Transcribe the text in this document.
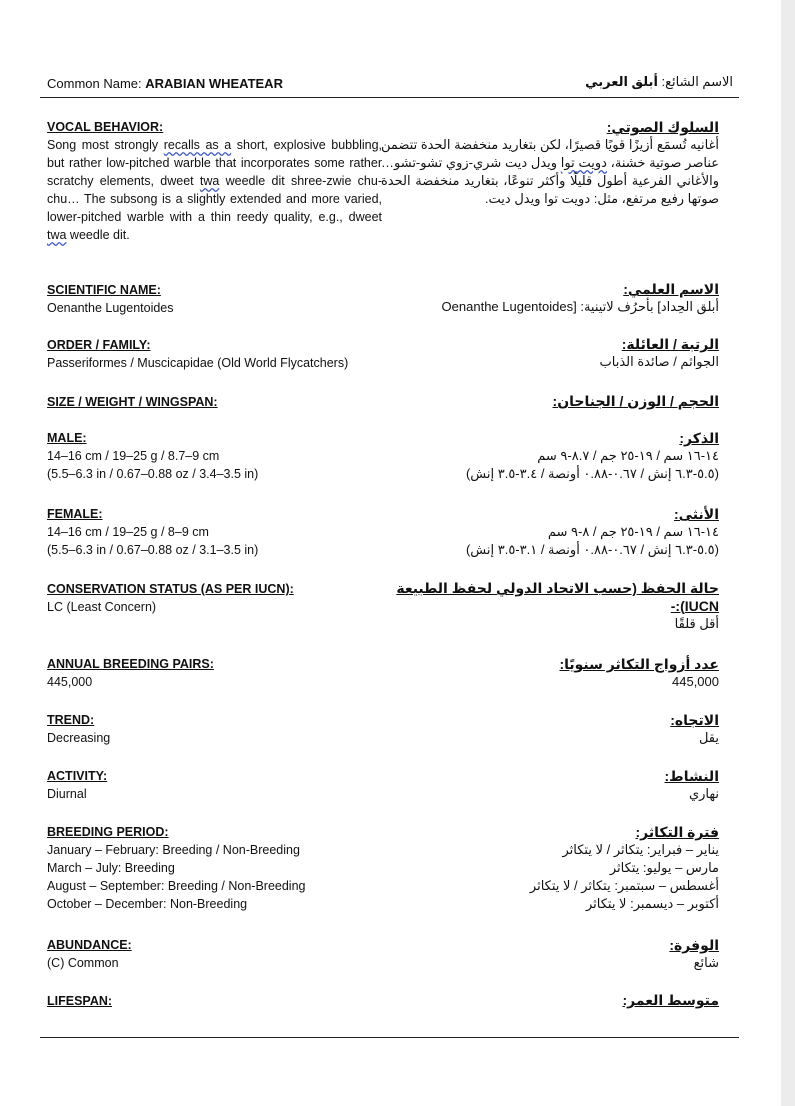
Common Name: ARABIAN WHEATEAR	الاسم الشائع: أبلق العربي
VOCAL BEHAVIOR:
Song most strongly recalls as a short, explosive bubbling, but rather low-pitched warble that incorporates some rather scratchy elements, dweet twa weedle dit shree-zwie chu-chu… The subsong is a slightly extended and more varied, lower-pitched warble with a thin reedy quality, e.g., dweet twa weedle dit.
السلوك الصوتي:
أغانيه تُسمَع أزيزًا قويًا قصيرًا، لكن بتغاريد منخفضة الحدة تتضمن عناصر صوتية خشنة، دويت توا ويدل ديت شري-زوي تشو-تشو… والأغاني الفرعية أطول قليلًا وأكثر تنوعًا، بتغاريد منخفضة الحدة صوتها رفيع مرتفع، مثل: دويت توا ويدل ديت.
SCIENTIFIC NAME:
Oenanthe Lugentoides
الاسم العلمي:
أبلق الحِداد] بأحرُف لاتينية: [Oenanthe Lugentoides
ORDER / FAMILY:
Passeriformes / Muscicapidae (Old World Flycatchers)
الرتبة / العائلة:
الجواثم / صائدة الذباب
SIZE / WEIGHT / WINGSPAN:	الحجم / الوزن / الجناحان:
MALE:
14–16 cm / 19–25 g / 8.7–9 cm
(5.5–6.3 in / 0.67–0.88 oz / 3.4–3.5 in)
الذكر:
١٤-١٦ سم / ١٩-٢٥ جم / ٨.٧-٩ سم
(٥.٥-٦.٣ إنش / ٠.٦٧-٠.٨٨ أونصة / ٣.٤-٣.٥ إنش)
FEMALE:
14–16 cm / 19–25 g / 8–9 cm
(5.5–6.3 in / 0.67–0.88 oz / 3.1–3.5 in)
الأنثى:
١٤-١٦ سم / ١٩-٢٥ جم / ٨-٩ سم
(٥.٥-٦.٣ إنش / ٠.٦٧-٠.٨٨ أونصة / ٣.١-٣.٥ إنش)
CONSERVATION STATUS (AS PER IUCN):
LC (Least Concern)
حالة الحفظ (حسب الاتحاد الدولي لحفظ الطبيعة IUCN):-
أقل قلقًا
ANNUAL BREEDING PAIRS:
445,000
عدد أزواج التكاثر سنويًا:
445,000
TREND:
Decreasing
الاتجاه:
يقل
ACTIVITY:
Diurnal
النشاط:
نهاري
BREEDING PERIOD:
January – February: Breeding / Non-Breeding
March – July: Breeding
August – September: Breeding / Non-Breeding
October – December: Non-Breeding
فترة التكاثر:
يناير – فبراير: يتكاثر / لا يتكاثر
مارس – يوليو: يتكاثر
أغسطس – سبتمبر: يتكاثر / لا يتكاثر
أكتوبر – ديسمبر: لا يتكاثر
ABUNDANCE:
(C) Common
الوفرة:
شائع
LIFESPAN:	متوسط العمر:
